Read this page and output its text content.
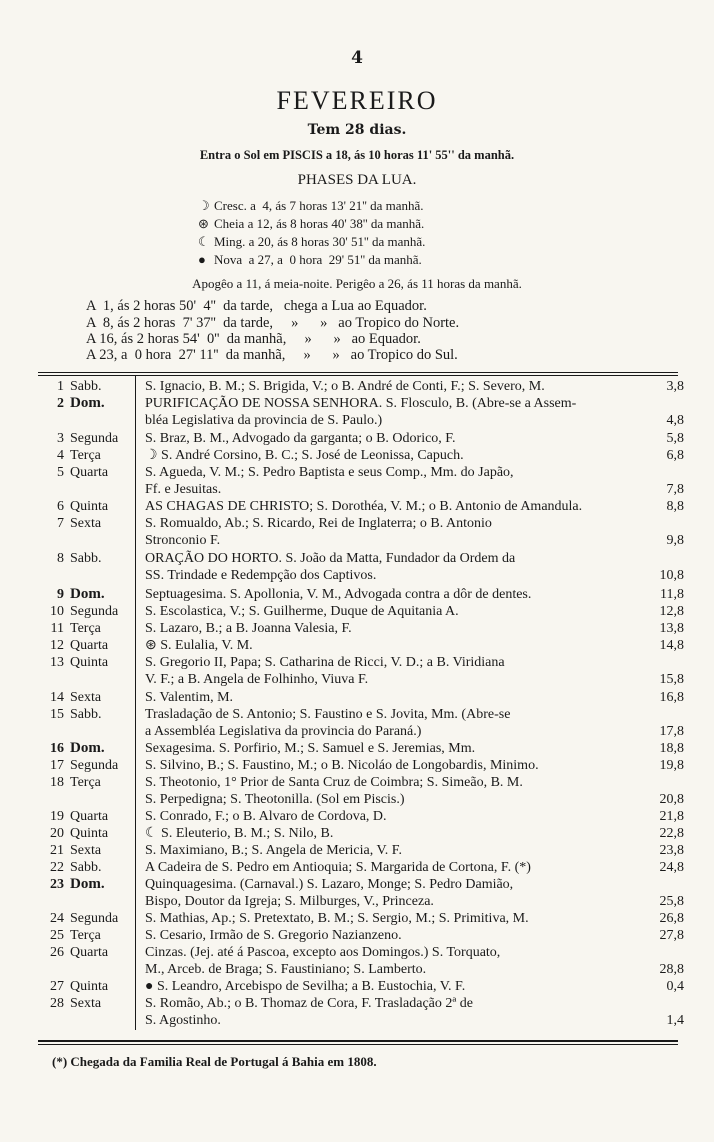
4
FEVEREIRO
Tem 28 dias.
Entra o Sol em PISCIS a 18, ás 10 horas 11' 55'' da manhã.
PHASES DA LUA.
☽ Cresc. a  4, ás 7 horas 13' 21'' da manhã.
⊛ Cheia a 12, ás 8 horas 40' 38'' da manhã.
☾ Ming. a 20, ás 8 horas 30' 51'' da manhã.
● Nova  a 27, a  0 hora  29' 51'' da manhã.
Apogêo a 11, á meia-noite. Perigêo a 26, ás 11 horas da manhã.
A  1, ás 2 horas 50'  4''  da tarde,   chega a Lua ao Equador.
A  8, ás 2 horas  7' 37''  da tarde,     »      »   ao Tropico do Norte.
A 16, ás 2 horas 54'  0''  da manhã,     »      »   ao Equador.
A 23, a  0 hora  27' 11''  da manhã,     »      »   ao Tropico do Sul.
1 Sabb.	S. Ignacio, B. M.; S. Brigida, V.; o B. André de Conti, F.; S. Severo, M.	3,8
2 Dom.	PURIFICAÇÃO DE NOSSA SENHORA. S. Flosculo, B. (Abre-se a Assem-
bléa Legislativa da provincia de S. Paulo.)	4,8
3 Segunda	S. Braz, B. M., Advogado da garganta; o B. Odorico, F.	5,8
4 Terça	☽ S. André Corsino, B. C.; S. José de Leonissa, Capuch.	6,8
5 Quarta	S. Agueda, V. M.; S. Pedro Baptista e seus Comp., Mm. do Japão,
Ff. e Jesuitas.	7,8
6 Quinta	AS CHAGAS DE CHRISTO; S. Dorothéa, V. M.; o B. Antonio de Amandula.	8,8
7 Sexta	S. Romualdo, Ab.; S. Ricardo, Rei de Inglaterra; o B. Antonio
Stronconio F.	9,8
8 Sabb.	ORAÇÃO DO HORTO. S. João da Matta, Fundador da Ordem da
SS. Trindade e Redempção dos Captivos.	10,8
9 Dom.	Septuagesima. S. Apollonia, V. M., Advogada contra a dôr de dentes.	11,8
10 Segunda	S. Escolastica, V.; S. Guilherme, Duque de Aquitania A.	12,8
11 Terça	S. Lazaro, B.; a B. Joanna Valesia, F.	13,8
12 Quarta	⊛ S. Eulalia, V. M.	14,8
13 Quinta	S. Gregorio II, Papa; S. Catharina de Ricci, V. D.; a B. Viridiana
V. F.; a B. Angela de Folhinho, Viuva F.	15,8
14 Sexta	S. Valentim, M.	16,8
15 Sabb.	Trasladação de S. Antonio; S. Faustino e S. Jovita, Mm. (Abre-se
a Assembléa Legislativa da provincia do Paraná.)	17,8
16 Dom.	Sexagesima. S. Porfirio, M.; S. Samuel e S. Jeremias, Mm.	18,8
17 Segunda	S. Silvino, B.; S. Faustino, M.; o B. Nicoláo de Longobardis, Minimo.	19,8
18 Terça	S. Theotonio, 1° Prior de Santa Cruz de Coimbra; S. Simeão, B. M.
S. Perpedigna; S. Theotonilla. (Sol em Piscis.)	20,8
19 Quarta	S. Conrado, F.; o B. Alvaro de Cordova, D.	21,8
20 Quinta	☾ S. Eleuterio, B. M.; S. Nilo, B.	22,8
21 Sexta	S. Maximiano, B.; S. Angela de Mericia, V. F.	23,8
22 Sabb.	A Cadeira de S. Pedro em Antioquia; S. Margarida de Cortona, F. (*)	24,8
23 Dom.	Quinquagesima. (Carnaval.) S. Lazaro, Monge; S. Pedro Damião,
Bispo, Doutor da Igreja; S. Milburges, V., Princeza.	25,8
24 Segunda	S. Mathias, Ap.; S. Pretextato, B. M.; S. Sergio, M.; S. Primitiva, M.	26,8
25 Terça	S. Cesario, Irmão de S. Gregorio Nazianzeno.	27,8
26 Quarta	Cinzas. (Jej. até á Pascoa, excepto aos Domingos.) S. Torquato,
M., Arceb. de Braga; S. Faustiniano; S. Lamberto.	28,8
27 Quinta	● S. Leandro, Arcebispo de Sevilha; a B. Eustochia, V. F.	0,4
28 Sexta	S. Romão, Ab.; o B. Thomaz de Cora, F. Trasladação 2ª de
S. Agostinho.	1,4
(*) Chegada da Familia Real de Portugal á Bahia em 1808.
